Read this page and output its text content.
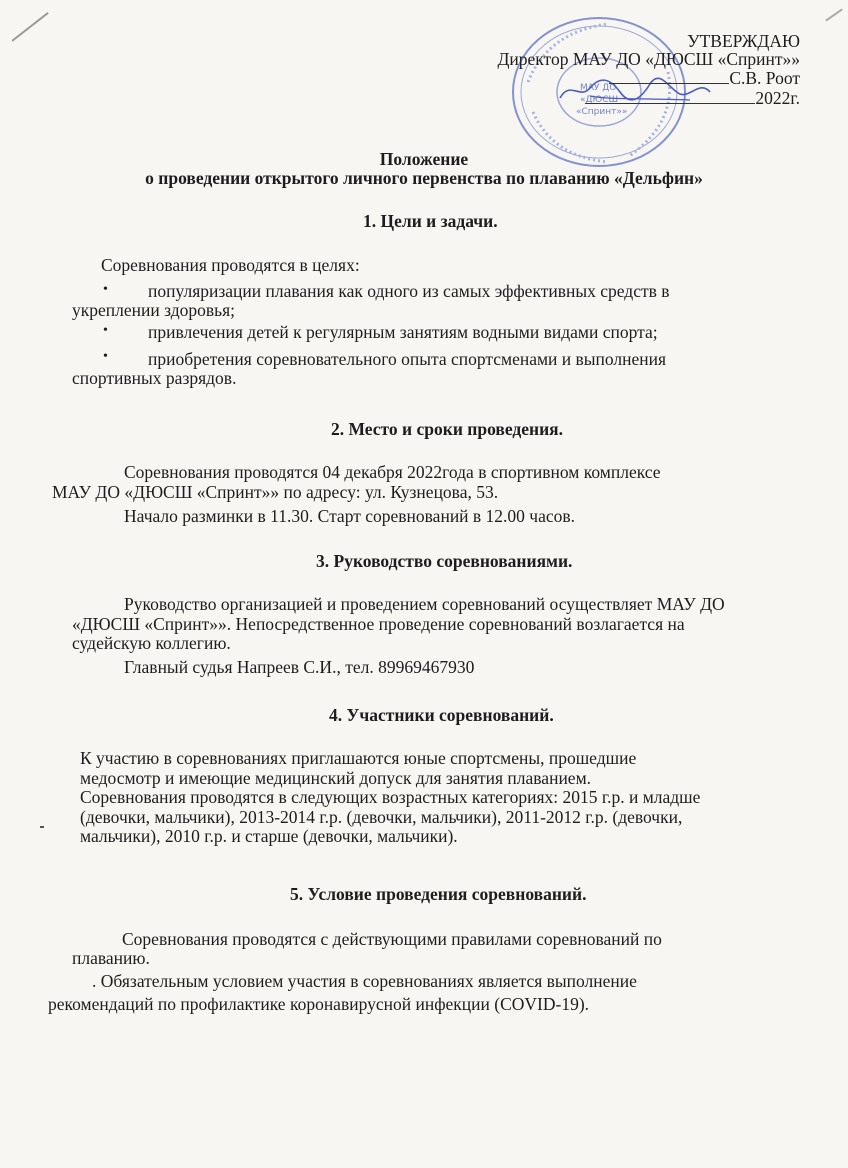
МАУ ДО
«ДЮСШ
«Спринт»»
УТВЕРЖДАЮ
Директор МАУ ДО «ДЮСШ «Спринт»»
С.В. Роот
2022г.
Положение
о проведении открытого личного первенства по плаванию «Дельфин»
1. Цели и задачи.
Соревнования проводятся в целях:
• популяризации плавания как одного из самых эффективных средств в
укреплении здоровья;
• привлечения детей к регулярным занятиям водными видами спорта;
• приобретения соревновательного опыта спортсменами и выполнения
спортивных разрядов.
2. Место и сроки проведения.
Соревнования проводятся 04 декабря 2022года в спортивном комплексе
МАУ ДО «ДЮСШ «Спринт»» по адресу: ул. Кузнецова, 53.
Начало разминки в 11.30. Старт соревнований в 12.00 часов.
3. Руководство соревнованиями.
Руководство организацией и проведением соревнований осуществляет МАУ ДО
«ДЮСШ «Спринт»». Непосредственное проведение соревнований возлагается на
судейскую коллегию.
Главный судья Напреев С.И., тел. 89969467930
4. Участники соревнований.
К участию в соревнованиях приглашаются юные спортсмены, прошедшие
медосмотр и имеющие медицинский допуск для занятия плаванием.
Соревнования проводятся в следующих возрастных категориях: 2015 г.р. и младше
(девочки, мальчики), 2013-2014 г.р. (девочки, мальчики), 2011-2012 г.р. (девочки,
мальчики), 2010 г.р. и старше (девочки, мальчики).
5. Условие проведения соревнований.
Соревнования проводятся с действующими правилами соревнований по
плаванию.
. Обязательным условием участия в соревнованиях является выполнение
рекомендаций по профилактике коронавирусной инфекции (COVID-19).
